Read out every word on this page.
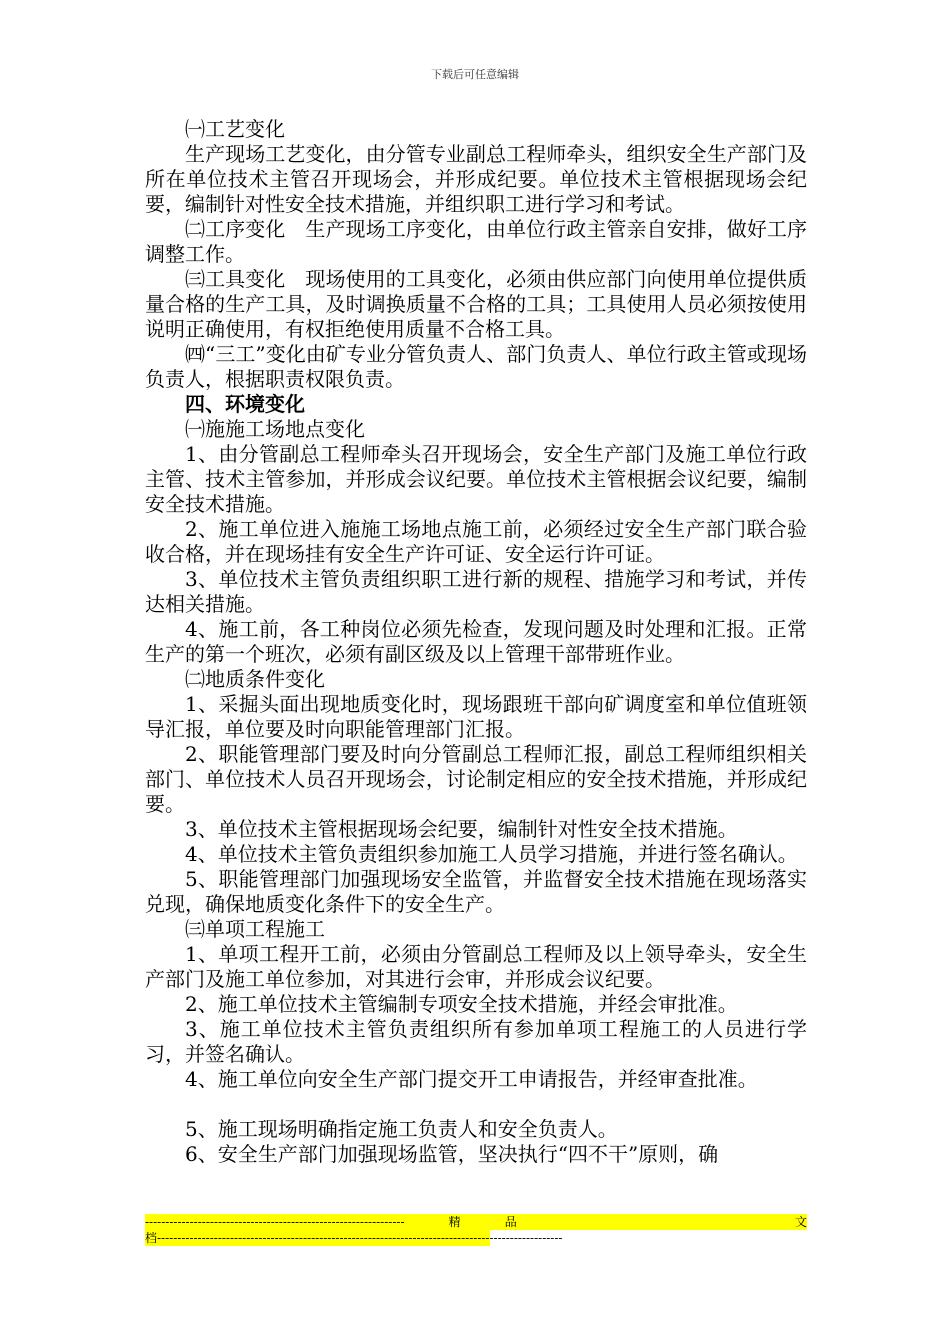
下载后可任意编辑

㈠工艺变化

生产现场工艺变化，由分管专业副总工程师牵头，组织安全生产部门及所在单位技术主管召开现场会，并形成纪要。单位技术主管根据现场会纪要，编制针对性安全技术措施，并组织职工进行学习和考试。

㈡工序变化　生产现场工序变化，由单位行政主管亲自安排，做好工序调整工作。

㈢工具变化　现场使用的工具变化，必须由供应部门向使用单位提供质量合格的生产工具，及时调换质量不合格的工具；工具使用人员必须按使用说明正确使用，有权拒绝使用质量不合格工具。

㈣“三工”变化由矿专业分管负责人、部门负责人、单位行政主管或现场负责人，根据职责权限负责。

四、环境变化

㈠施施工场地点变化

1、由分管副总工程师牵头召开现场会，安全生产部门及施工单位行政主管、技术主管参加，并形成会议纪要。单位技术主管根据会议纪要，编制安全技术措施。

2、施工单位进入施施工场地点施工前，必须经过安全生产部门联合验收合格，并在现场挂有安全生产许可证、安全运行许可证。

3、单位技术主管负责组织职工进行新的规程、措施学习和考试，并传达相关措施。

4、施工前，各工种岗位必须先检查，发现问题及时处理和汇报。正常生产的第一个班次，必须有副区级及以上管理干部带班作业。

㈡地质条件变化

1、采掘头面出现地质变化时，现场跟班干部向矿调度室和单位值班领导汇报，单位要及时向职能管理部门汇报。

2、职能管理部门要及时向分管副总工程师汇报，副总工程师组织相关部门、单位技术人员召开现场会，讨论制定相应的安全技术措施，并形成纪要。

3、单位技术主管根据现场会纪要，编制针对性安全技术措施。

4、单位技术主管负责组织参加施工人员学习措施，并进行签名确认。

5、职能管理部门加强现场安全监管，并监督安全技术措施在现场落实兑现，确保地质变化条件下的安全生产。

㈢单项工程施工

1、单项工程开工前，必须由分管副总工程师及以上领导牵头，安全生产部门及施工单位参加，对其进行会审，并形成会议纪要。

2、施工单位技术主管编制专项安全技术措施，并经会审批准。

3、施工单位技术主管负责组织所有参加单项工程施工的人员进行学习，并签名确认。

4、施工单位向安全生产部门提交开工申请报告，并经审查批准。

5、施工现场明确指定施工负责人和安全负责人。

6、安全生产部门加强现场监管，坚决执行“四不干”原则，确

----------------------------------------------------------------	精	品	文
档----------------------------------------------------------------------------------------------------
